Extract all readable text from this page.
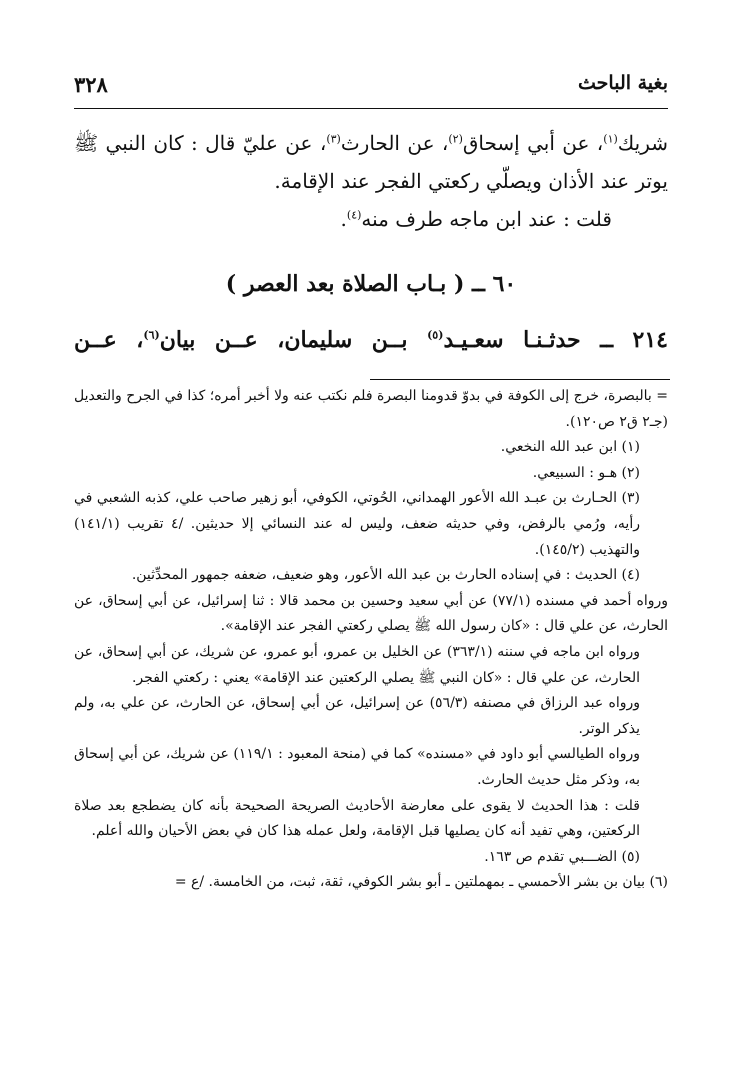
بغية الباحث
٣٢٨

شريك$^{(١)}$، عن أبي إسحاق$^{(٢)}$، عن الحارث$^{(٣)}$، عن عليّ قال : كان النبي ﷺ يوتر عند الأذان ويصلّي ركعتي الفجر عند الإقامة.

قلت : عند ابن ماجه طرف منه$^{(٤)}$.

٦٠ ــ ( بـاب الصلاة بعد العصر )
٢١٤ ــ حدثـنـا سعـيـد$^{(٥)}$ بــن سليمان، عــن بيان$^{(٦)}$، عــن

= بالبصرة، خرج إلى الكوفة في بدوّ قدومنا البصرة فلم نكتب عنه ولا أخبر أمره؛ كذا في الجرح والتعديل (جـ٢ ق٢ ص١٢٠).

(١) ابن عبد الله النخعي.

(٢) هـو : السبيعي.

(٣) الحـارث بن عبـد الله الأعور الهمداني، الحُوتي، الكوفي، أبو زهير صاحب علي، كذبه الشعبي في رأيه، ورُمي بالرفض، وفي حديثه ضعف، وليس له عند النسائي إلا حديثين. /٤ تقريب (١٤١/١) والتهذيب (١٤٥/٢).

(٤) الحديث : في إسناده الحارث بن عبد الله الأعور، وهو ضعيف، ضعفه جمهور المحدِّثين.

ورواه أحمد في مسنده (٧٧/١) عن أبي سعيد وحسين بن محمد قالا : ثنا إسرائيل، عن أبي إسحاق، عن الحارث، عن علي قال : «كان رسول الله ﷺ يصلي ركعتي الفجر عند الإقامة».

ورواه ابن ماجه في سننه (٣٦٣/١) عن الخليل بن عمرو، أبو عمرو، عن شريك، عن أبي إسحاق، عن الحارث، عن علي قال : «كان النبي ﷺ يصلي الركعتين عند الإقامة» يعني : ركعتي الفجر.

ورواه عبد الرزاق في مصنفه (٥٦/٣) عن إسرائيل، عن أبي إسحاق، عن الحارث، عن علي به، ولم يذكر الوتر.

ورواه الطيالسي أبو داود في «مسنده» كما في (منحة المعبود : ١١٩/١) عن شريك، عن أبي إسحاق به، وذكر مثل حديث الحارث.

قلت : هذا الحديث لا يقوى على معارضة الأحاديث الصريحة الصحيحة بأنه كان يضطجع بعد صلاة الركعتين، وهي تفيد أنه كان يصليها قبل الإقامة، ولعل عمله هذا كان في بعض الأحيان والله أعلم.

(٥) الضـــبي تقدم ص ١٦٣.

(٦) بيان بن بشر الأحمسي ـ بمهملتين ـ أبو بشر الكوفي، ثقة، ثبت، من الخامسة. /ع =
